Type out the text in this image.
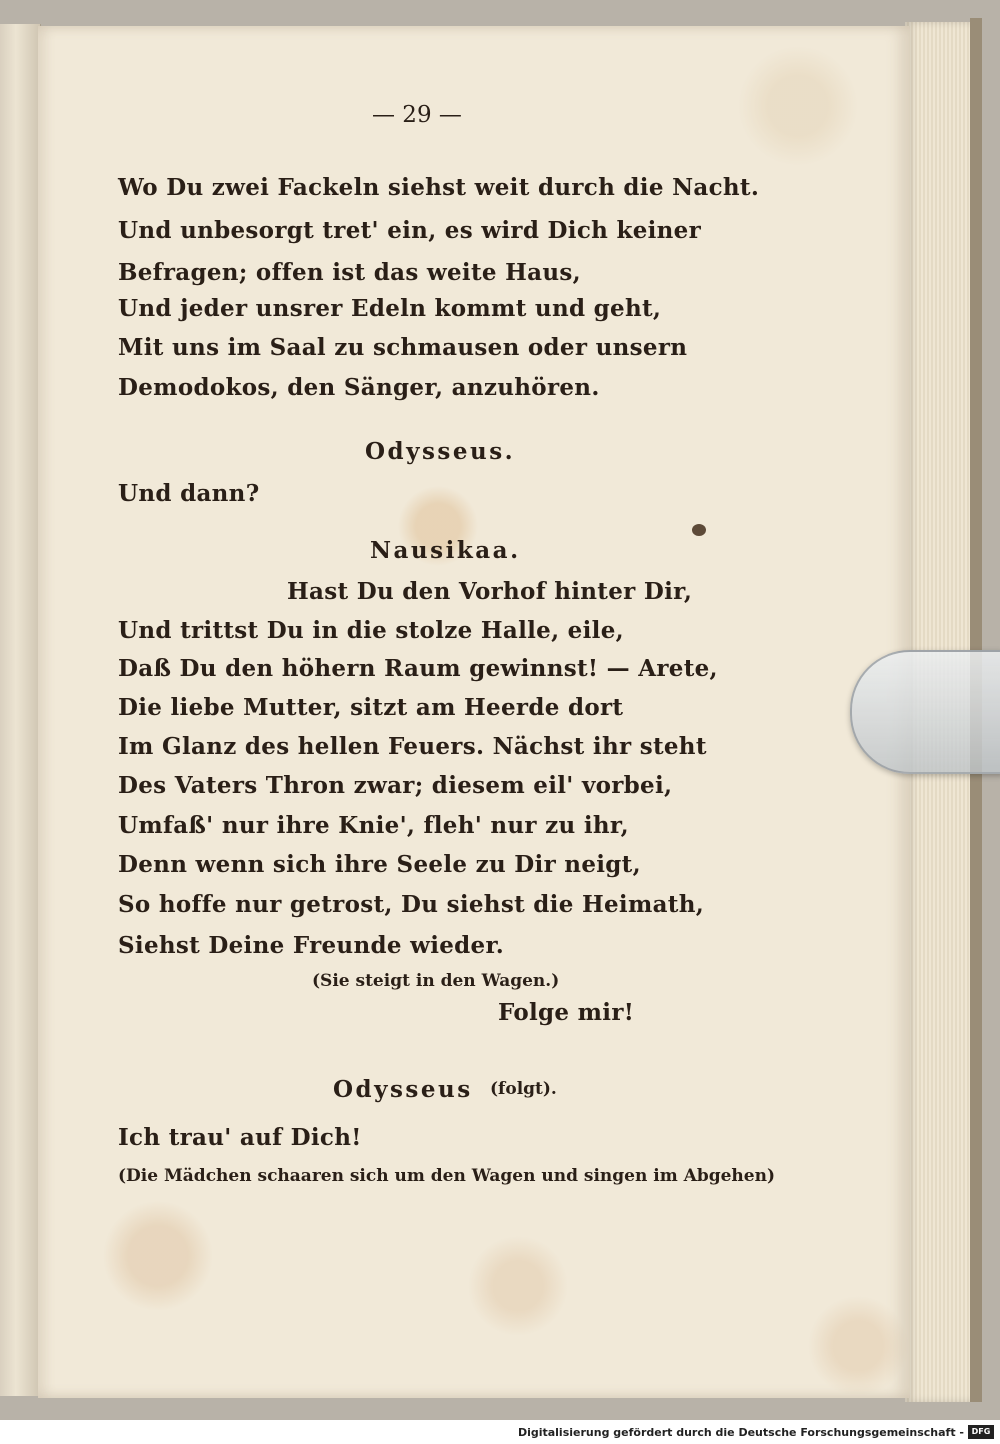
— 29 —

Wo Du zwei Fackeln siehst weit durch die Nacht.

Und unbesorgt tret' ein, es wird Dich keiner

Befragen; offen ist das weite Haus,

Und jeder unsrer Edeln kommt und geht,

Mit uns im Saal zu schmausen oder unsern

Demodokos, den Sänger, anzuhören.

Odysseus.

Und dann?

Nausikaa.

Hast Du den Vorhof hinter Dir,

Und trittst Du in die stolze Halle, eile,

Daß Du den höhern Raum gewinnst! — Arete,

Die liebe Mutter, sitzt am Heerde dort

Im Glanz des hellen Feuers. Nächst ihr steht

Des Vaters Thron zwar; diesem eil' vorbei,

Umfaß' nur ihre Knie', fleh' nur zu ihr,

Denn wenn sich ihre Seele zu Dir neigt,

So hoffe nur getrost, Du siehst die Heimath,

Siehst Deine Freunde wieder.

(Sie steigt in den Wagen.)

Folge mir!

Odysseus (folgt).

Ich trau' auf Dich!

(Die Mädchen schaaren sich um den Wagen und singen im Abgehen)

Digitalisierung gefördert durch die Deutsche Forschungsgemeinschaft - DFG
